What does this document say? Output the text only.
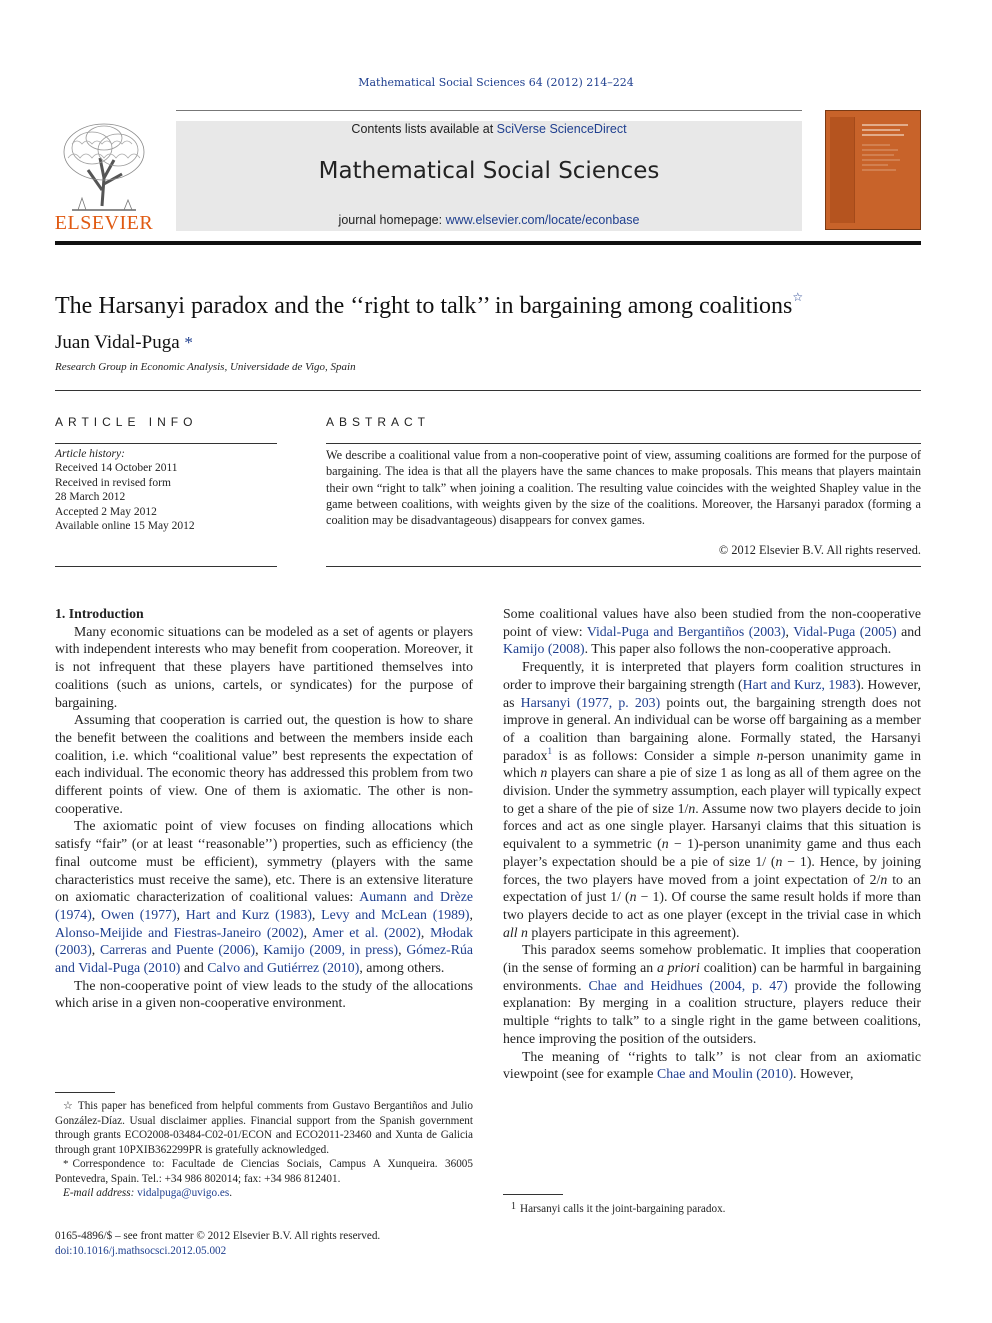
Mathematical Social Sciences 64 (2012) 214–224
ELSEVIER
Contents lists available at SciVerse ScienceDirect
Mathematical Social Sciences
journal homepage: www.elsevier.com/locate/econbase
The Harsanyi paradox and the ‘‘right to talk’’ in bargaining among coalitions☆
Juan Vidal-Puga *
Research Group in Economic Analysis, Universidade de Vigo, Spain
ARTICLE INFO	ABSTRACT
Article history:
Received 14 October 2011
Received in revised form
28 March 2012
Accepted 2 May 2012
Available online 15 May 2012
We describe a coalitional value from a non-cooperative point of view, assuming coalitions are formed for the purpose of bargaining. The idea is that all the players have the same chances to make proposals. This means that players maintain their own “right to talk” when joining a coalition. The resulting value coincides with the weighted Shapley value in the game between coalitions, with weights given by the size of the coalitions. Moreover, the Harsanyi paradox (forming a coalition may be disadvantageous) disappears for convex games.
© 2012 Elsevier B.V. All rights reserved.

1. Introduction

Many economic situations can be modeled as a set of agents or players with independent interests who may benefit from cooperation. Moreover, it is not infrequent that these players have partitioned themselves into coalitions (such as unions, cartels, or syndicates) for the purpose of bargaining.

Assuming that cooperation is carried out, the question is how to share the benefit between the coalitions and between the members inside each coalition, i.e. which “coalitional value” best represents the expectation of each individual. The economic theory has addressed this problem from two different points of view. One of them is axiomatic. The other is non-cooperative.

The axiomatic point of view focuses on finding allocations which satisfy “fair” (or at least ‘‘reasonable’’) properties, such as efficiency (the final outcome must be efficient), symmetry (players with the same characteristics must receive the same), etc. There is an extensive literature on axiomatic characterization of coalitional values: Aumann and Drèze (1974), Owen (1977), Hart and Kurz (1983), Levy and McLean (1989), Alonso-Meijide and Fiestras-Janeiro (2002), Amer et al. (2002), Młodak (2003), Carreras and Puente (2006), Kamijo (2009, in press), Gómez-Rúa and Vidal-Puga (2010) and Calvo and Gutiérrez (2010), among others.

The non-cooperative point of view leads to the study of the allocations which arise in a given non-cooperative environment.

Some coalitional values have also been studied from the non-cooperative point of view: Vidal-Puga and Bergantiños (2003), Vidal-Puga (2005) and Kamijo (2008). This paper also follows the non-cooperative approach.

Frequently, it is interpreted that players form coalition structures in order to improve their bargaining strength (Hart and Kurz, 1983). However, as Harsanyi (1977, p. 203) points out, the bargaining strength does not improve in general. An individual can be worse off bargaining as a member of a coalition than bargaining alone. Formally stated, the Harsanyi paradox$^1$ is as follows: Consider a simple n-person unanimity game in which n players can share a pie of size 1 as long as all of them agree on the division. Under the symmetry assumption, each player will typically expect to get a share of the pie of size 1/n. Assume now two players decide to join forces and act as one single player. Harsanyi claims that this situation is equivalent to a symmetric (n − 1)-person unanimity game and thus each player’s expectation should be a pie of size 1/ (n − 1). Hence, by joining forces, the two players have moved from a joint expectation of 2/n to an expectation of just 1/ (n − 1). Of course the same result holds if more than two players decide to act as one player (except in the trivial case in which all n players participate in this agreement).

This paradox seems somehow problematic. It implies that cooperation (in the sense of forming an a priori coalition) can be harmful in bargaining environments. Chae and Heidhues (2004, p. 47) provide the following explanation: By merging in a coalition structure, players reduce their multiple “rights to talk” to a single right in the game between coalitions, hence improving the position of the outsiders.

The meaning of ‘‘rights to talk’’ is not clear from an axiomatic viewpoint (see for example Chae and Moulin (2010). However,

☆ This paper has beneficed from helpful comments from Gustavo Bergantiños and Julio González-Díaz. Usual disclaimer applies. Financial support from the Spanish government through grants ECO2008-03484-C02-01/ECON and ECO2011-23460 and Xunta de Galicia through grant 10PXIB362299PR is gratefully acknowledged.

* Correspondence to: Facultade de Ciencias Sociais, Campus A Xunqueira. 36005 Pontevedra, Spain. Tel.: +34 986 802014; fax: +34 986 812401.

E-mail address: vidalpuga@uvigo.es.

1 Harsanyi calls it the joint-bargaining paradox.
0165-4896/$ – see front matter © 2012 Elsevier B.V. All rights reserved.
doi:10.1016/j.mathsocsci.2012.05.002
